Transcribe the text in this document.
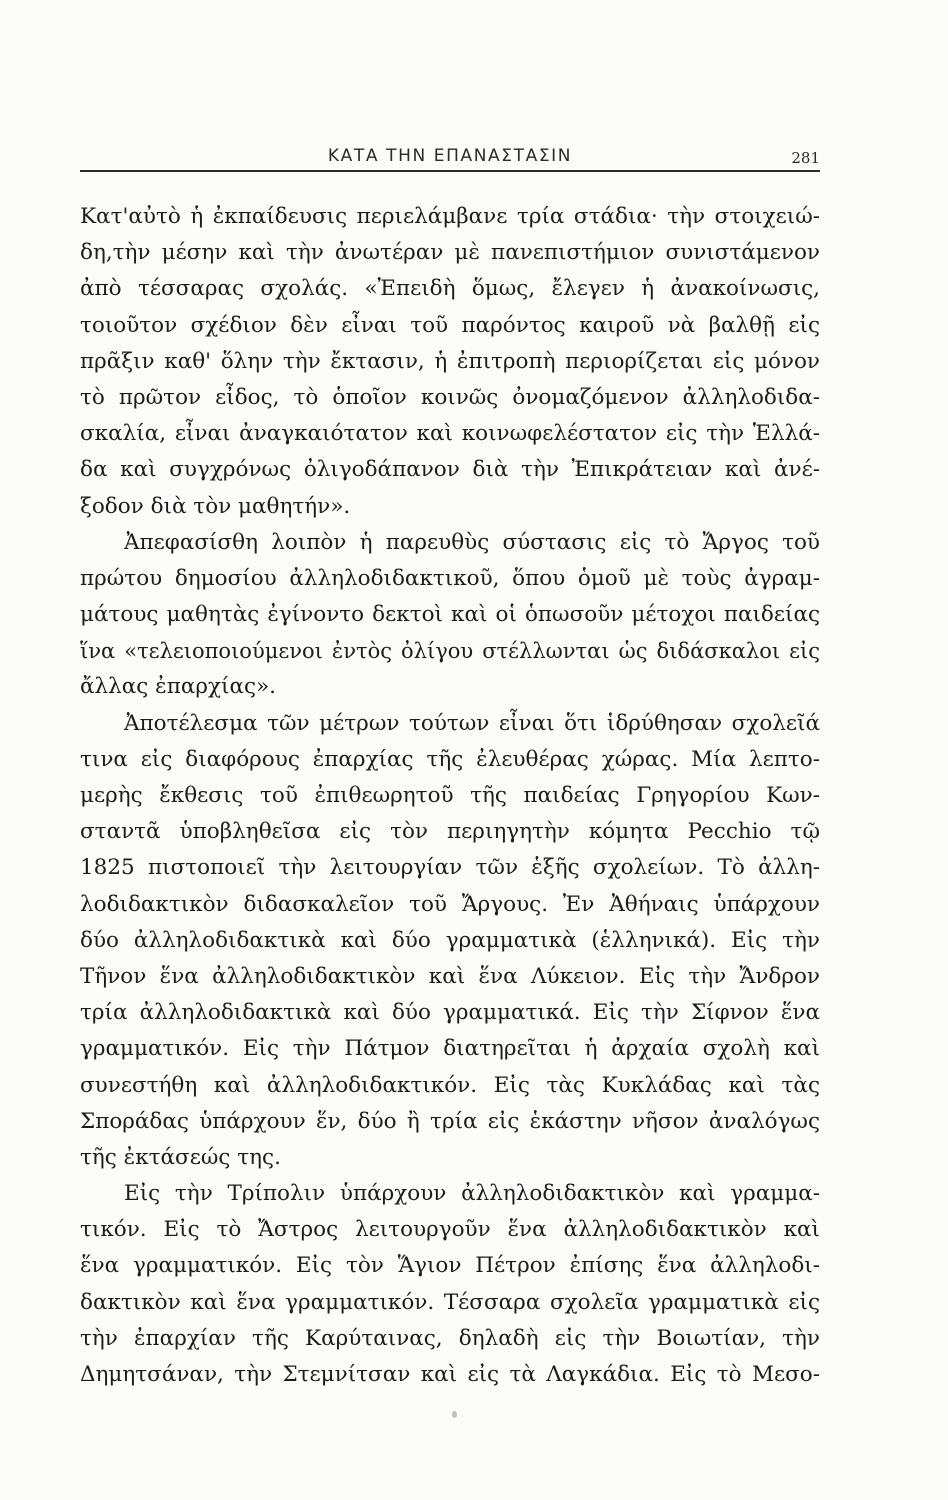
ΚΑΤΑ ΤΗΝ ΕΠΑΝΑΣΤΑΣΙΝ	281
Κατ'αὐτὸ ἡ ἐκπαίδευσις περιελάμβανε τρία στάδια· τὴν στοιχειώ-
δη,τὴν μέσην καὶ τὴν ἀνωτέραν μὲ πανεπιστήμιον συνιστάμενον
ἀπὸ τέσσαρας σχολάς. «Ἐπειδὴ ὅμως, ἔλεγεν ἡ ἀνακοίνωσις,
τοιοῦτον σχέδιον δὲν εἶναι τοῦ παρόντος καιροῦ νὰ βαλθῇ εἰς
πρᾶξιν καθ' ὅλην τὴν ἔκτασιν, ἡ ἐπιτροπὴ περιορίζεται εἰς μόνον
τὸ πρῶτον εἶδος, τὸ ὁποῖον κοινῶς ὀνομαζόμενον ἀλληλοδιδα-
σκαλία, εἶναι ἀναγκαιότατον καὶ κοινωφελέστατον εἰς τὴν Ἑλλά-
δα καὶ συγχρόνως ὀλιγοδάπανον διὰ τὴν Ἐπικράτειαν καὶ ἀνέ-
ξοδον διὰ τὸν μαθητήν».
Ἀπεφασίσθη λοιπὸν ἡ παρευθὺς σύστασις εἰς τὸ Ἄργος τοῦ
πρώτου δημοσίου ἀλληλοδιδακτικοῦ, ὅπου ὁμοῦ μὲ τοὺς ἀγραμ-
μάτους μαθητὰς ἐγίνοντο δεκτοὶ καὶ οἱ ὁπωσοῦν μέτοχοι παιδείας
ἵνα «τελειοποιούμενοι ἐντὸς ὀλίγου στέλλωνται ὡς διδάσκαλοι εἰς
ἄλλας ἐπαρχίας».
Ἀποτέλεσμα τῶν μέτρων τούτων εἶναι ὅτι ἱδρύθησαν σχολεῖά
τινα εἰς διαφόρους ἐπαρχίας τῆς ἐλευθέρας χώρας. Μία λεπτο-
μερὴς ἔκθεσις τοῦ ἐπιθεωρητοῦ τῆς παιδείας Γρηγορίου Κων-
σταντᾶ ὑποβληθεῖσα εἰς τὸν περιηγητὴν κόμητα Pecchio τῷ
1825 πιστοποιεῖ τὴν λειτουργίαν τῶν ἑξῆς σχολείων. Τὸ ἀλλη-
λοδιδακτικὸν διδασκαλεῖον τοῦ Ἄργους. Ἐν Ἀθήναις ὑπάρχουν
δύο ἀλληλοδιδακτικὰ καὶ δύο γραμματικὰ (ἑλληνικά). Εἰς τὴν
Τῆνον ἕνα ἀλληλοδιδακτικὸν καὶ ἕνα Λύκειον. Εἰς τὴν Ἄνδρον
τρία ἀλληλοδιδακτικὰ καὶ δύο γραμματικά. Εἰς τὴν Σίφνον ἕνα
γραμματικόν. Εἰς τὴν Πάτμον διατηρεῖται ἡ ἀρχαία σχολὴ καὶ
συνεστήθη καὶ ἀλληλοδιδακτικόν. Εἰς τὰς Κυκλάδας καὶ τὰς
Σποράδας ὑπάρχουν ἕν, δύο ἢ τρία εἰς ἑκάστην νῆσον ἀναλόγως
τῆς ἐκτάσεώς της.
Εἰς τὴν Τρίπολιν ὑπάρχουν ἀλληλοδιδακτικὸν καὶ γραμμα-
τικόν. Εἰς τὸ Ἄστρος λειτουργοῦν ἕνα ἀλληλοδιδακτικὸν καὶ
ἕνα γραμματικόν. Εἰς τὸν Ἅγιον Πέτρον ἐπίσης ἕνα ἀλληλοδι-
δακτικὸν καὶ ἕνα γραμματικόν. Τέσσαρα σχολεῖα γραμματικὰ εἰς
τὴν ἐπαρχίαν τῆς Καρύταινας, δηλαδὴ εἰς τὴν Βοιωτίαν, τὴν
Δημητσάναν, τὴν Στεμνίτσαν καὶ εἰς τὰ Λαγκάδια. Εἰς τὸ Μεσο-
